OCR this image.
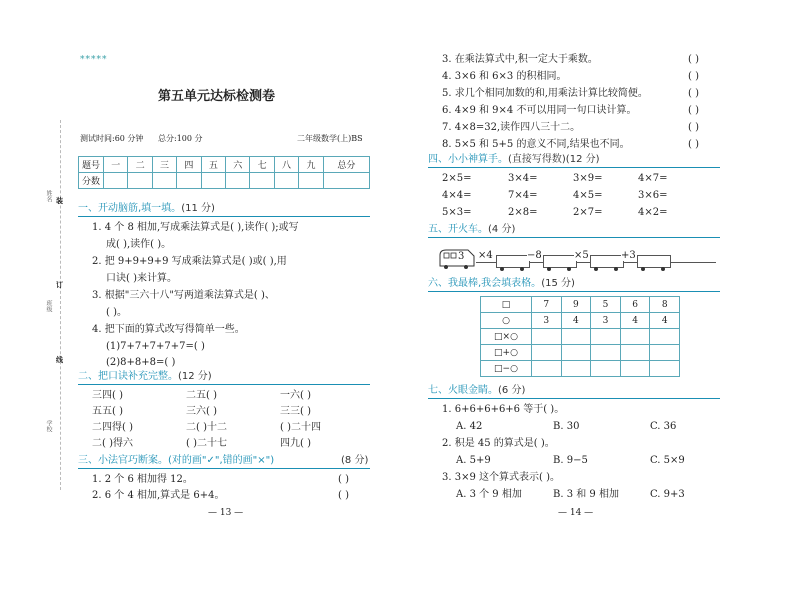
姓名
班级
学校
装
订
线
*****
第五单元达标检测卷
测试时间:60 分钟 总分:100 分	二年级数学(上)BS
题号	一	二	三	四	五	六	七	八	九	总分
分数										
一、开动脑筋,填一填。(11 分)
1. 4 个 8 相加,写成乘法算式是( ),读作( );或写
成( ),读作( )。
2. 把 9+9+9+9 写成乘法算式是( )或( ),用
口诀( )来计算。
3. 根据"三六十八"写两道乘法算式是( )、
( )。
4. 把下面的算式改写得简单一些。
(1)7+7+7+7+7=( )
(2)8+8+8=( )
二、把口诀补充完整。(12 分)
三四( )	二五( )	一六( )
五五( )	三六( )	三三( )
二四得( )	二( )十二	( )二十四
二( )得六	( )二十七	四九( )
三、小法官巧断案。(对的画"✓",错的画"×")	(8 分)
1. 2 个 6 相加得 12。	( )
2. 6 个 4 相加,算式是 6+4。	( )
— 13 —
3. 在乘法算式中,积一定大于乘数。	( )
4. 3×6 和 6×3 的积相同。	( )
5. 求几个相同加数的和,用乘法计算比较简便。	( )
6. 4×9 和 9×4 不可以用同一句口诀计算。	( )
7. 4×8=32,读作四八三十二。	( )
8. 5×5 和 5+5 的意义不同,结果也不同。	( )
四、小小神算手。(直接写得数)(12 分)
2×5=	3×4=	3×9=	4×7=
4×4=	7×4=	4×5=	3×6=
5×3=	2×8=	2×7=	4×2=
五、开火车。(4 分)
3 ×4	−8	×5	+3
六、我最棒,我会填表格。(15 分)
□	7	9	5	6	8
○	3	4	3	4	4
□×○					
□+○					
□−○					
七、火眼金睛。(6 分)
1. 6+6+6+6+6 等于( )。
A. 42	B. 30	C. 36
2. 积是 45 的算式是( )。
A. 5+9	B. 9−5	C. 5×9
3. 3×9 这个算式表示( )。
A. 3 个 9 相加	B. 3 和 9 相加	C. 9+3
— 14 —
